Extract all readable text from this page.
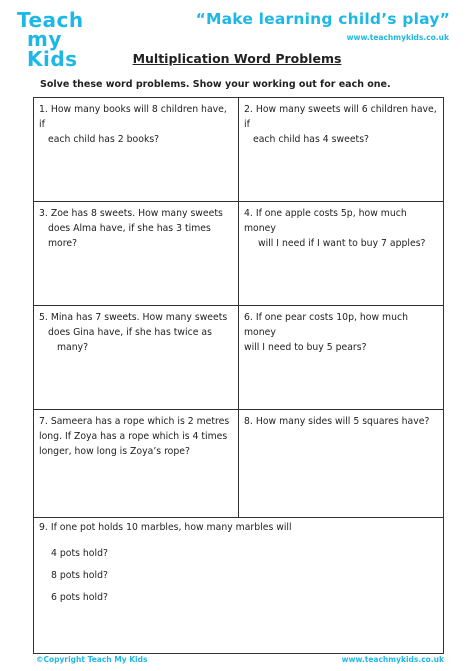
Teach
my Kids
“Make learning child’s play”
www.teachmykids.co.uk
Multiplication Word Problems
Solve these word problems. Show your working out for each one.
1. How many books will 8 children have, if
each child has 2 books?
2. How many sweets will 6 children have, if
each child has 4 sweets?
3. Zoe has 8 sweets. How many sweets
does Alma have, if she has 3 times more?
4. If one apple costs 5p, how much money
will I need if I want to buy 7 apples?
5. Mina has 7 sweets. How many sweets
does Gina have, if she has twice as
many?
6. If one pear costs 10p, how much money
will I need to buy 5 pears?
7. Sameera has a rope which is 2 metres
long. If Zoya has a rope which is 4 times
longer, how long is Zoya’s rope?
8. How many sides will 5 squares have?
9. If one pot holds 10 marbles, how many marbles will
4 pots hold?
8 pots hold?
6 pots hold?
©Copyright Teach My Kids	www.teachmykids.co.uk
